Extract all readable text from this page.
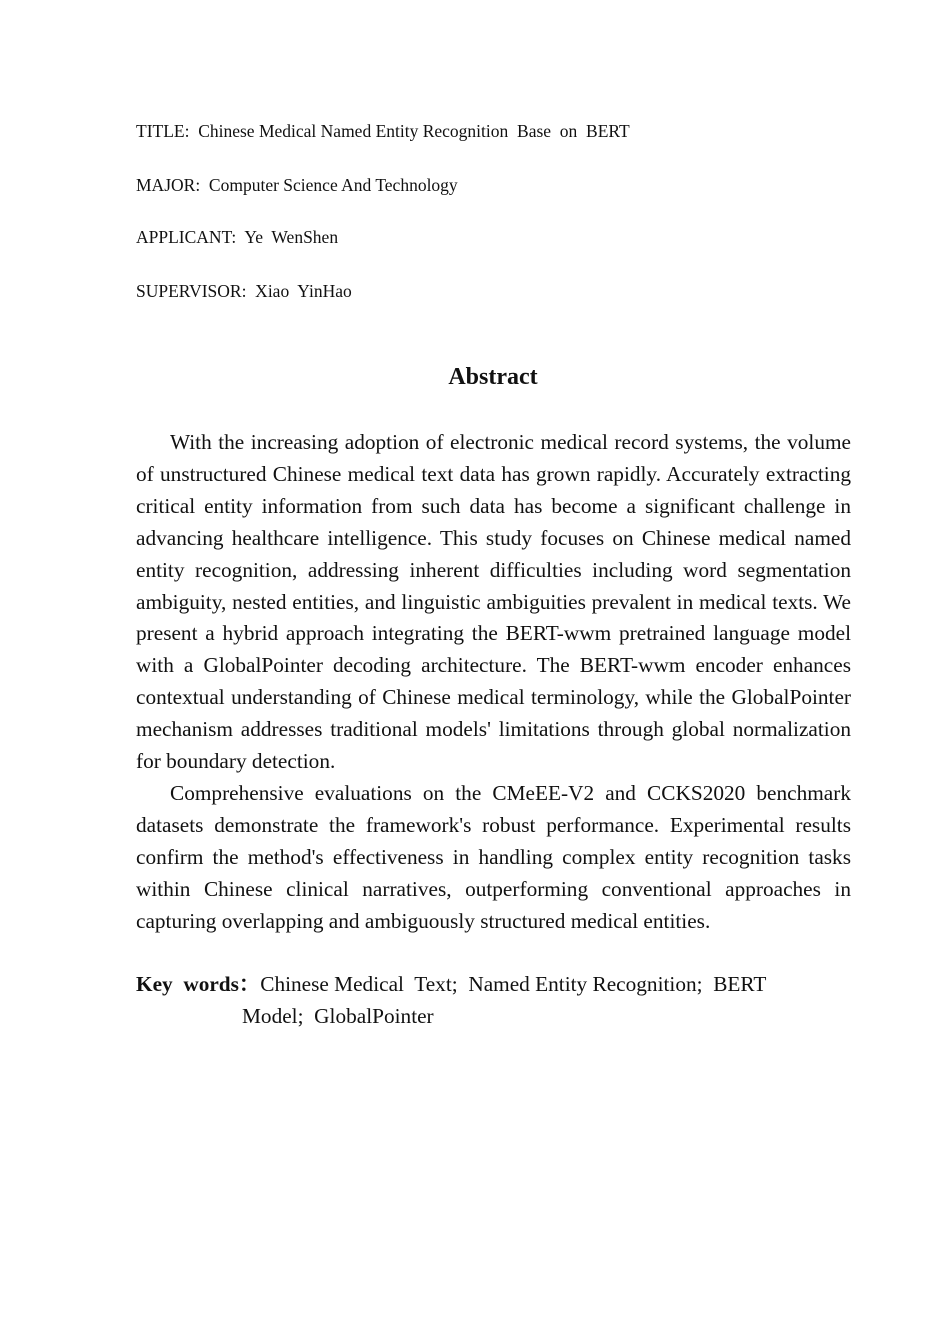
TITLE:  Chinese Medical Named Entity Recognition  Base  on  BERT
MAJOR:  Computer Science And Technology
APPLICANT:  Ye  WenShen
SUPERVISOR:  Xiao  YinHao
Abstract

With the increasing adoption of electronic medical record systems, the volume of unstructured Chinese medical text data has grown rapidly. Accurately extracting critical entity information from such data has become a significant challenge in advancing healthcare intelligence. This study focuses on Chinese medical named entity recognition, addressing inherent difficulties including word segmentation ambiguity, nested entities, and linguistic ambiguities prevalent in medical texts. We present a hybrid approach integrating the BERT-wwm pretrained language model with a GlobalPointer decoding architecture. The BERT-wwm encoder enhances contextual understanding of Chinese medical terminology, while the GlobalPointer mechanism addresses traditional models' limitations through global normalization for boundary detection.

Comprehensive evaluations on the CMeEE-V2 and CCKS2020 benchmark datasets demonstrate the framework's robust performance. Experimental results confirm the method's effectiveness in handling complex entity recognition tasks within Chinese clinical narratives, outperforming conventional approaches in capturing overlapping and ambiguously structured medical entities.

Key  words：Chinese Medical  Text;  Named Entity Recognition;  BERT
Model;  GlobalPointer
